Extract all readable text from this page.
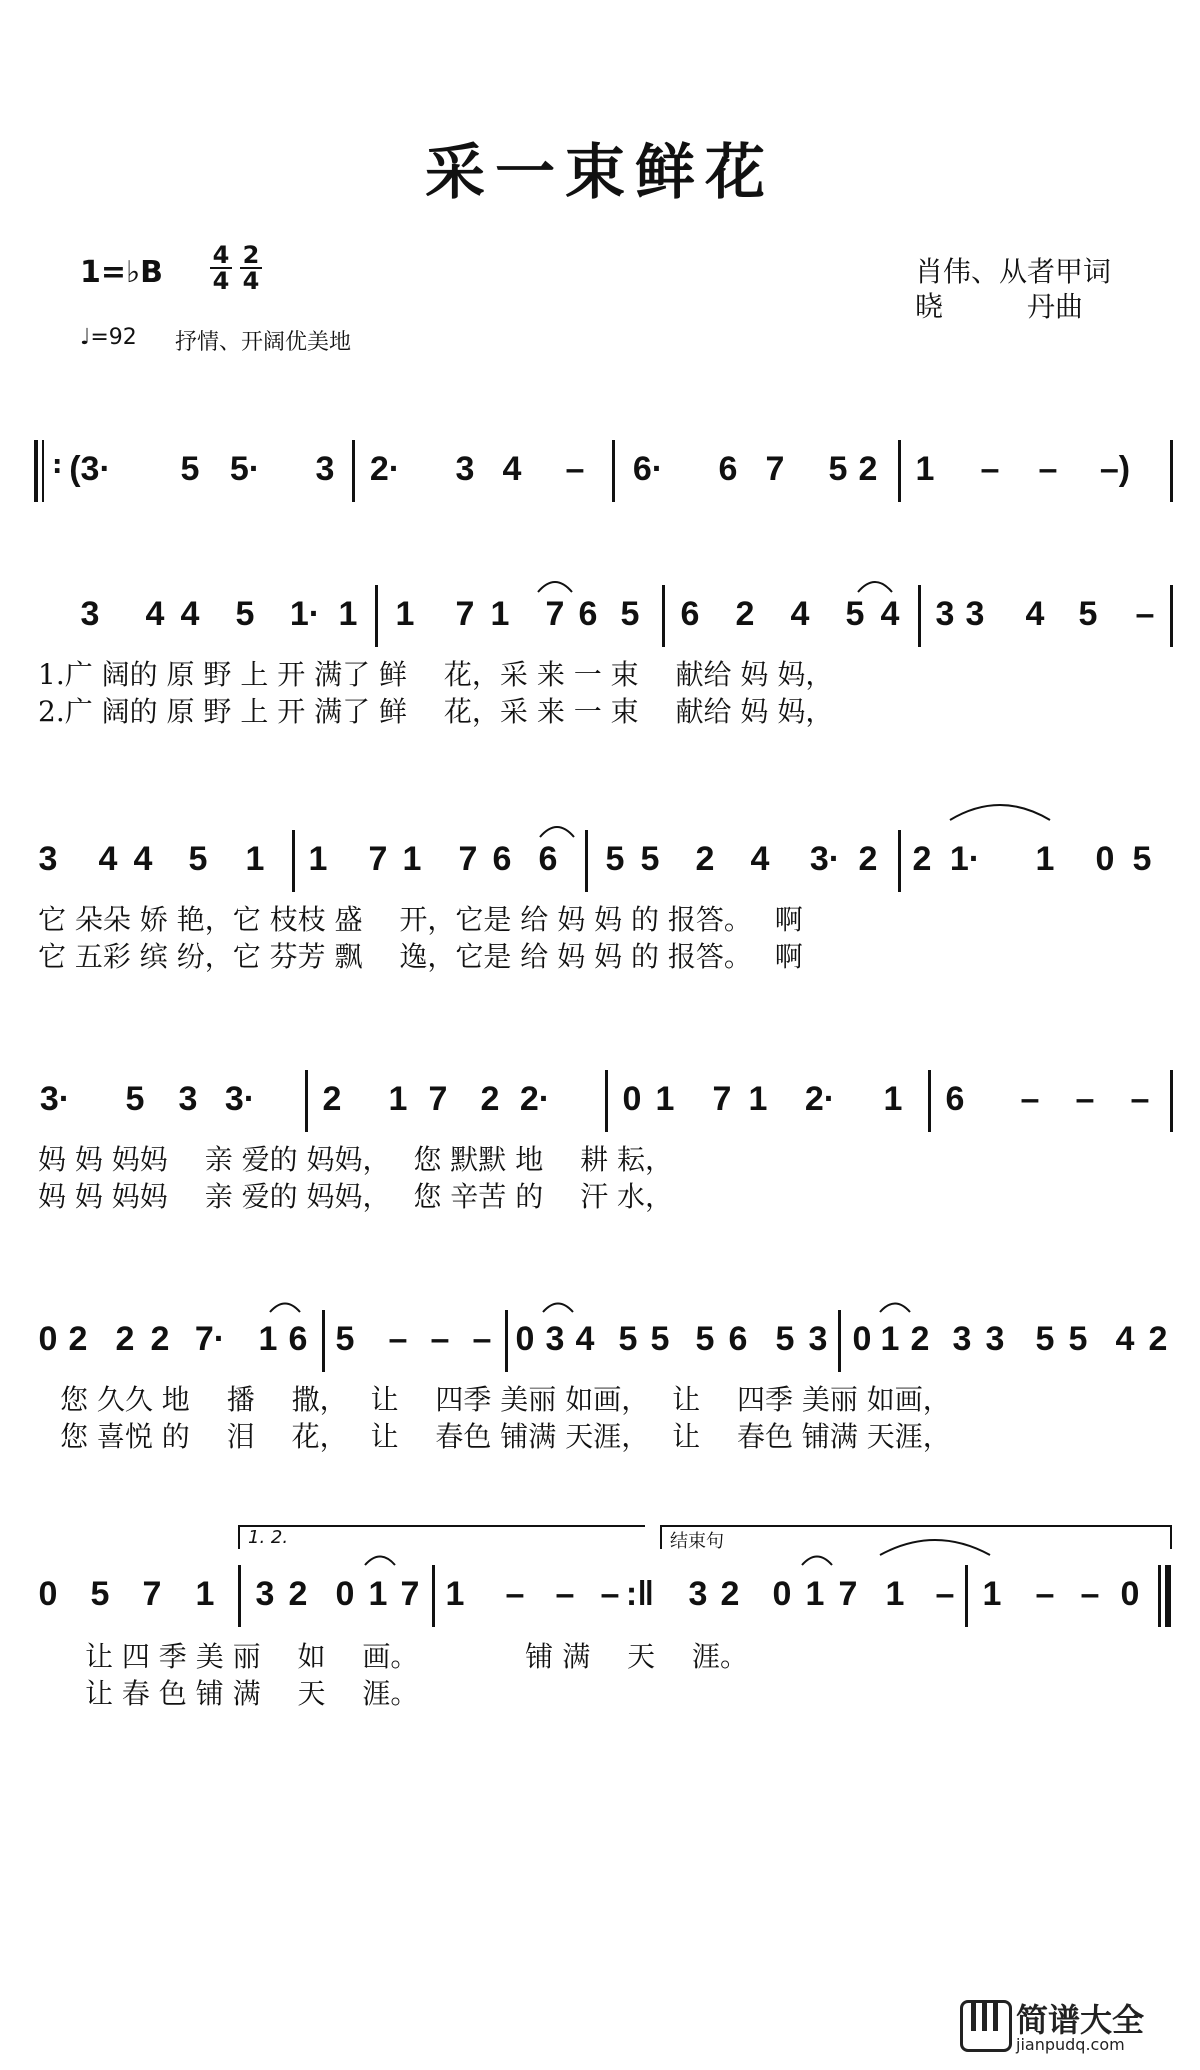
采一束鲜花
1=♭B 4
4
2
4
♩=92 抒情、开阔优美地
肖伟、从者甲词
晓　　　丹曲
: (3· 5 5· 3 2· 3 4 – 6· 6 7 5 2 1 – – –)
3 4 4 5 1· 1 1 7 1 7 6 5 6 2 4 5 4 3 3 4 5 –
1.广 阔的 原 野 上 开 满了 鲜　 花，采 来 一 束　 献给 妈 妈，
2.广 阔的 原 野 上 开 满了 鲜　 花，采 来 一 束　 献给 妈 妈，
3 4 4 5 1 1 7 1 7 6 6 5 5 2 4 3· 2 2 1· 1 0 5
它 朵朵 娇 艳，它 枝枝 盛　 开，它是 给 妈 妈 的 报答。　 啊
它 五彩 缤 纷，它 芬芳 飘　 逸，它是 给 妈 妈 的 报答。　 啊
3· 5 3 3· 2 1 7 2 2· 0 1 7 1 2· 1 6 – – –
妈 妈 妈妈　 亲 爱的 妈妈，　 您 默默 地　 耕 耘，
妈 妈 妈妈　 亲 爱的 妈妈，　 您 辛苦 的　 汗 水，
0 2 2 2 7· 1 6 5 – – – 0 3 4 5 5 5 6 5 3 0 1 2 3 3 5 5 4 2
您 久久 地　 播　 撒，　 让　 四季 美丽 如画，　 让　 四季 美丽 如画，
您 喜悦 的　 泪　 花，　 让　 春色 铺满 天涯，　 让　 春色 铺满 天涯，
1. 2.	结束句
0 5 7 1 3 2 0 1 7 1 – – – :‖ 3 2 0 1 7 1 – 1 – – 0
让 四 季 美 丽　 如　 画。　　　　 铺 满　 天　 涯。
让 春 色 铺 满　 天　 涯。
简谱大全
jianpudq.com
